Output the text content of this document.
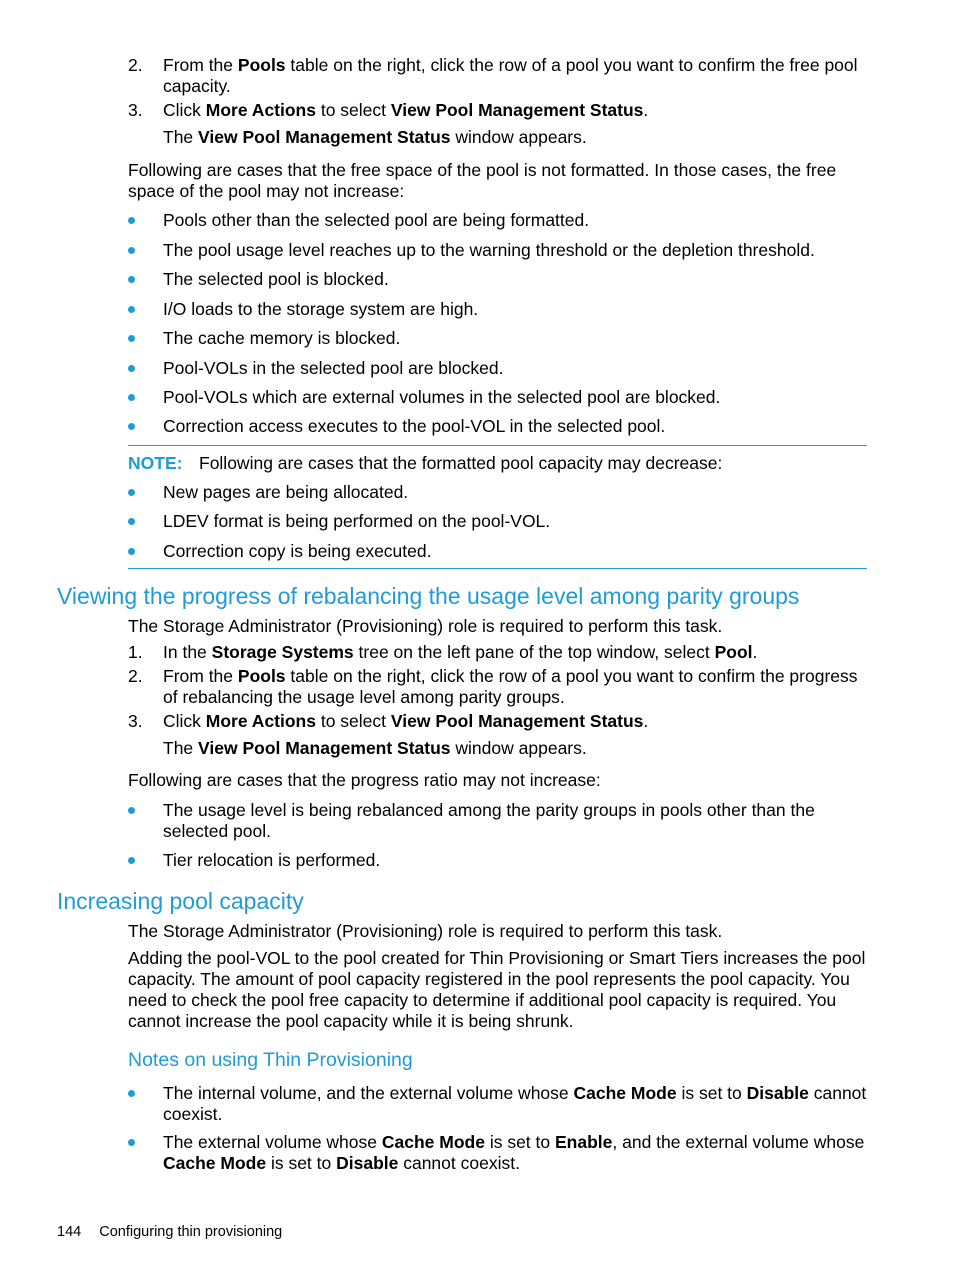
2. From the Pools table on the right, click the row of a pool you want to confirm the free pool capacity.
3. Click More Actions to select View Pool Management Status.
The View Pool Management Status window appears.
Following are cases that the free space of the pool is not formatted. In those cases, the free space of the pool may not increase:
Pools other than the selected pool are being formatted.
The pool usage level reaches up to the warning threshold or the depletion threshold.
The selected pool is blocked.
I/O loads to the storage system are high.
The cache memory is blocked.
Pool-VOLs in the selected pool are blocked.
Pool-VOLs which are external volumes in the selected pool are blocked.
Correction access executes to the pool-VOL in the selected pool.
NOTE: Following are cases that the formatted pool capacity may decrease:
New pages are being allocated.
LDEV format is being performed on the pool-VOL.
Correction copy is being executed.
Viewing the progress of rebalancing the usage level among parity groups
The Storage Administrator (Provisioning) role is required to perform this task.
1. In the Storage Systems tree on the left pane of the top window, select Pool.
2. From the Pools table on the right, click the row of a pool you want to confirm the progress of rebalancing the usage level among parity groups.
3. Click More Actions to select View Pool Management Status.
The View Pool Management Status window appears.
Following are cases that the progress ratio may not increase:
The usage level is being rebalanced among the parity groups in pools other than the selected pool.
Tier relocation is performed.
Increasing pool capacity
The Storage Administrator (Provisioning) role is required to perform this task.
Adding the pool-VOL to the pool created for Thin Provisioning or Smart Tiers increases the pool capacity. The amount of pool capacity registered in the pool represents the pool capacity. You need to check the pool free capacity to determine if additional pool capacity is required. You cannot increase the pool capacity while it is being shrunk.
Notes on using Thin Provisioning
The internal volume, and the external volume whose Cache Mode is set to Disable cannot coexist.
The external volume whose Cache Mode is set to Enable, and the external volume whose Cache Mode is set to Disable cannot coexist.
144 Configuring thin provisioning
